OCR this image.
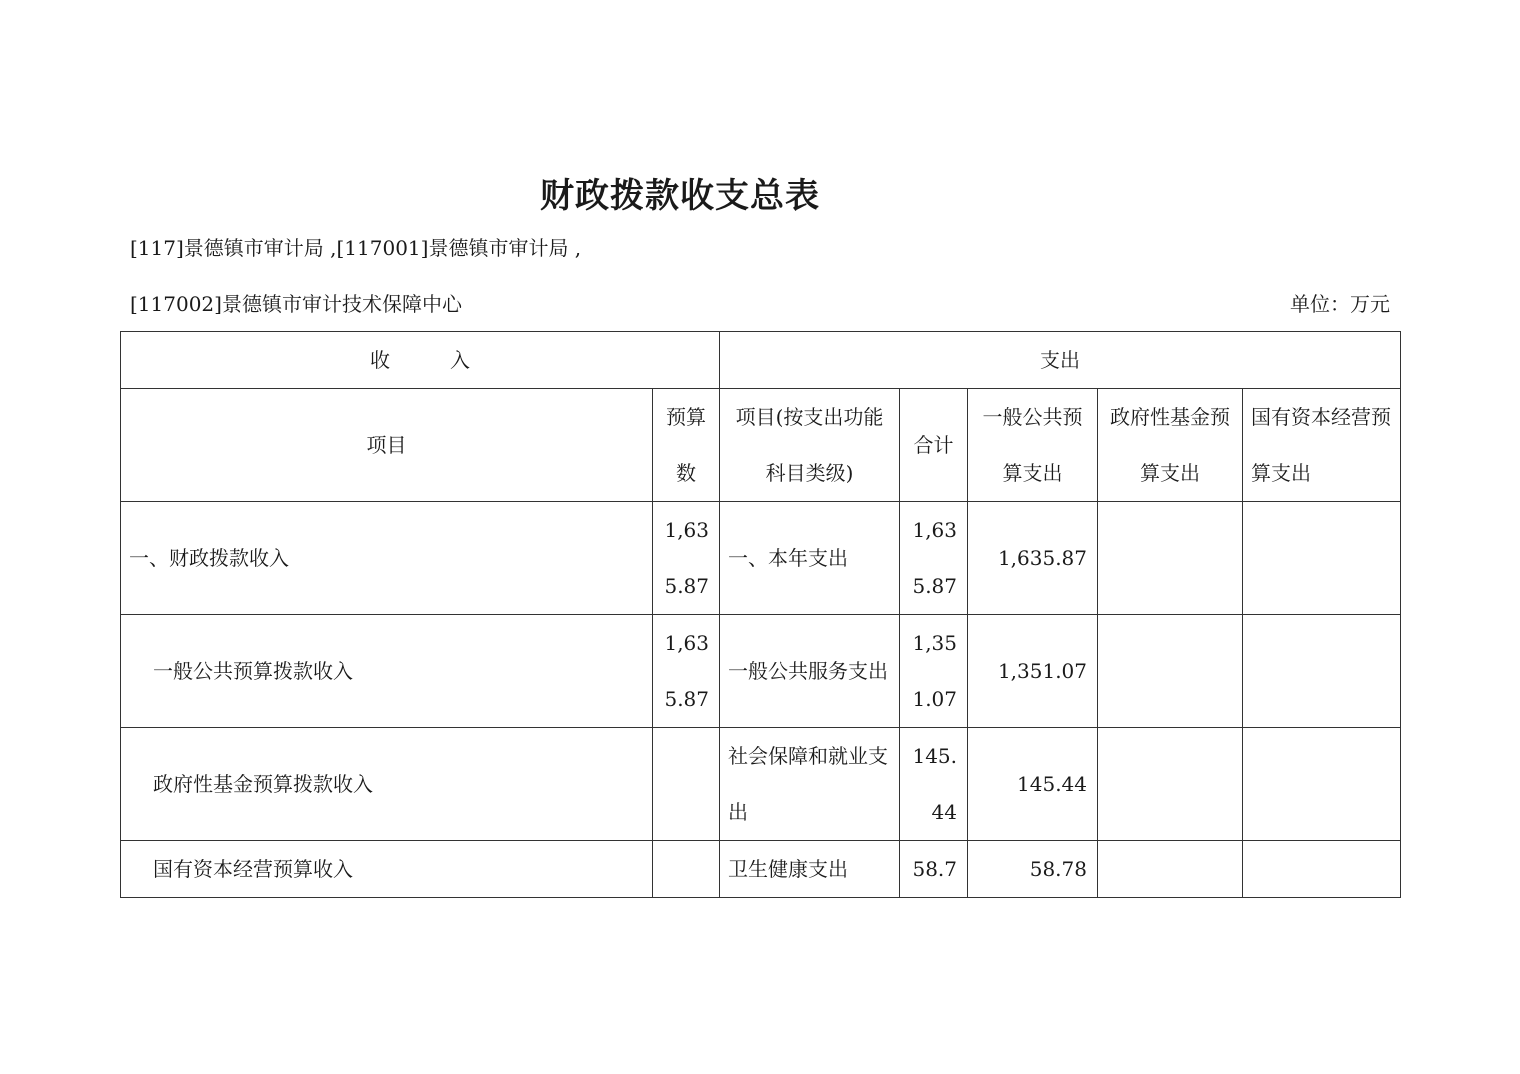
财政拨款收支总表
[117]景德镇市审计局 ,[117001]景德镇市审计局 ,
[117002]景德镇市审计技术保障中心	单位：万元
收　　　入		支出				
项目	预算数	项目(按支出功能科目类级)	合计	一般公共预算支出	政府性基金预算支出	国有资本经营预算支出
一、财政拨款收入	1,635.87	一、本年支出	1,635.87	1,635.87		
一般公共预算拨款收入	1,635.87	一般公共服务支出	1,351.07	1,351.07		
政府性基金预算拨款收入		社会保障和就业支出	145.44	145.44		
国有资本经营预算收入		卫生健康支出	58.7	58.78		
